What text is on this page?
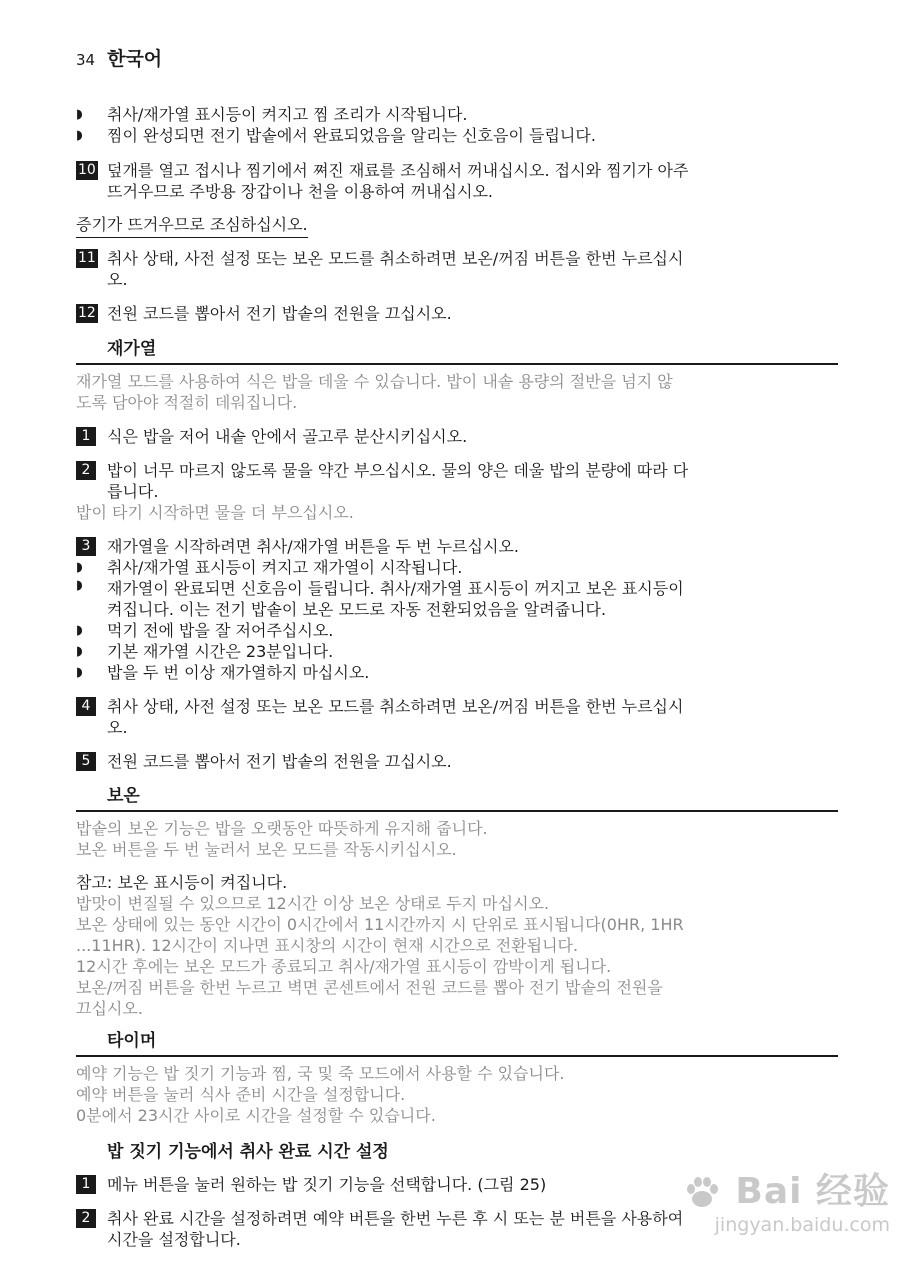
34 한국어
◗ 취사/재가열 표시등이 켜지고 찜 조리가 시작됩니다.
◗ 찜이 완성되면 전기 밥솥에서 완료되었음을 알리는 신호음이 들립니다.
10 덮개를 열고 접시나 찜기에서 쪄진 재료를 조심해서 꺼내십시오. 접시와 찜기가 아주
뜨거우므로 주방용 장갑이나 천을 이용하여 꺼내십시오.
증기가 뜨거우므로 조심하십시오.
11 취사 상태, 사전 설정 또는 보온 모드를 취소하려면 보온/꺼짐 버튼을 한번 누르십시
오.
12 전원 코드를 뽑아서 전기 밥솥의 전원을 끄십시오.
재가열
재가열 모드를 사용하여 식은 밥을 데울 수 있습니다. 밥이 내솥 용량의 절반을 넘지 않
도록 담아야 적절히 데워집니다.
1	식은 밥을 저어 내솥 안에서 골고루 분산시키십시오.
2	밥이 너무 마르지 않도록 물을 약간 부으십시오. 물의 양은 데울 밥의 분량에 따라 다
릅니다.
밥이 타기 시작하면 물을 더 부으십시오.
3	재가열을 시작하려면 취사/재가열 버튼을 두 번 누르십시오.
◗ 취사/재가열 표시등이 켜지고 재가열이 시작됩니다.
◗ 재가열이 완료되면 신호음이 들립니다. 취사/재가열 표시등이 꺼지고 보온 표시등이
켜집니다. 이는 전기 밥솥이 보온 모드로 자동 전환되었음을 알려줍니다.
◗ 먹기 전에 밥을 잘 저어주십시오.
◗ 기본 재가열 시간은 23분입니다.
◗ 밥을 두 번 이상 재가열하지 마십시오.
4	취사 상태, 사전 설정 또는 보온 모드를 취소하려면 보온/꺼짐 버튼을 한번 누르십시
오.
5	전원 코드를 뽑아서 전기 밥솥의 전원을 끄십시오.
보온
밥솥의 보온 기능은 밥을 오랫동안 따뜻하게 유지해 줍니다.
보온 버튼을 두 번 눌러서 보온 모드를 작동시키십시오.
참고: 보온 표시등이 켜집니다.
밥맛이 변질될 수 있으므로 12시간 이상 보온 상태로 두지 마십시오.
보온 상태에 있는 동안 시간이 0시간에서 11시간까지 시 단위로 표시됩니다(0HR, 1HR
...11HR). 12시간이 지나면 표시창의 시간이 현재 시간으로 전환됩니다.
12시간 후에는 보온 모드가 종료되고 취사/재가열 표시등이 깜박이게 됩니다.
보온/꺼짐 버튼을 한번 누르고 벽면 콘센트에서 전원 코드를 뽑아 전기 밥솥의 전원을
끄십시오.
타이머
예약 기능은 밥 짓기 기능과 찜, 국 및 죽 모드에서 사용할 수 있습니다.
예약 버튼을 눌러 식사 준비 시간을 설정합니다.
0분에서 23시간 사이로 시간을 설정할 수 있습니다.
밥 짓기 기능에서 취사 완료 시간 설정
1	메뉴 버튼을 눌러 원하는 밥 짓기 기능을 선택합니다. (그림 25)
2	취사 완료 시간을 설정하려면 예약 버튼을 한번 누른 후 시 또는 분 버튼을 사용하여
시간을 설정합니다.
Bai 经验
jingyan.baidu.com
